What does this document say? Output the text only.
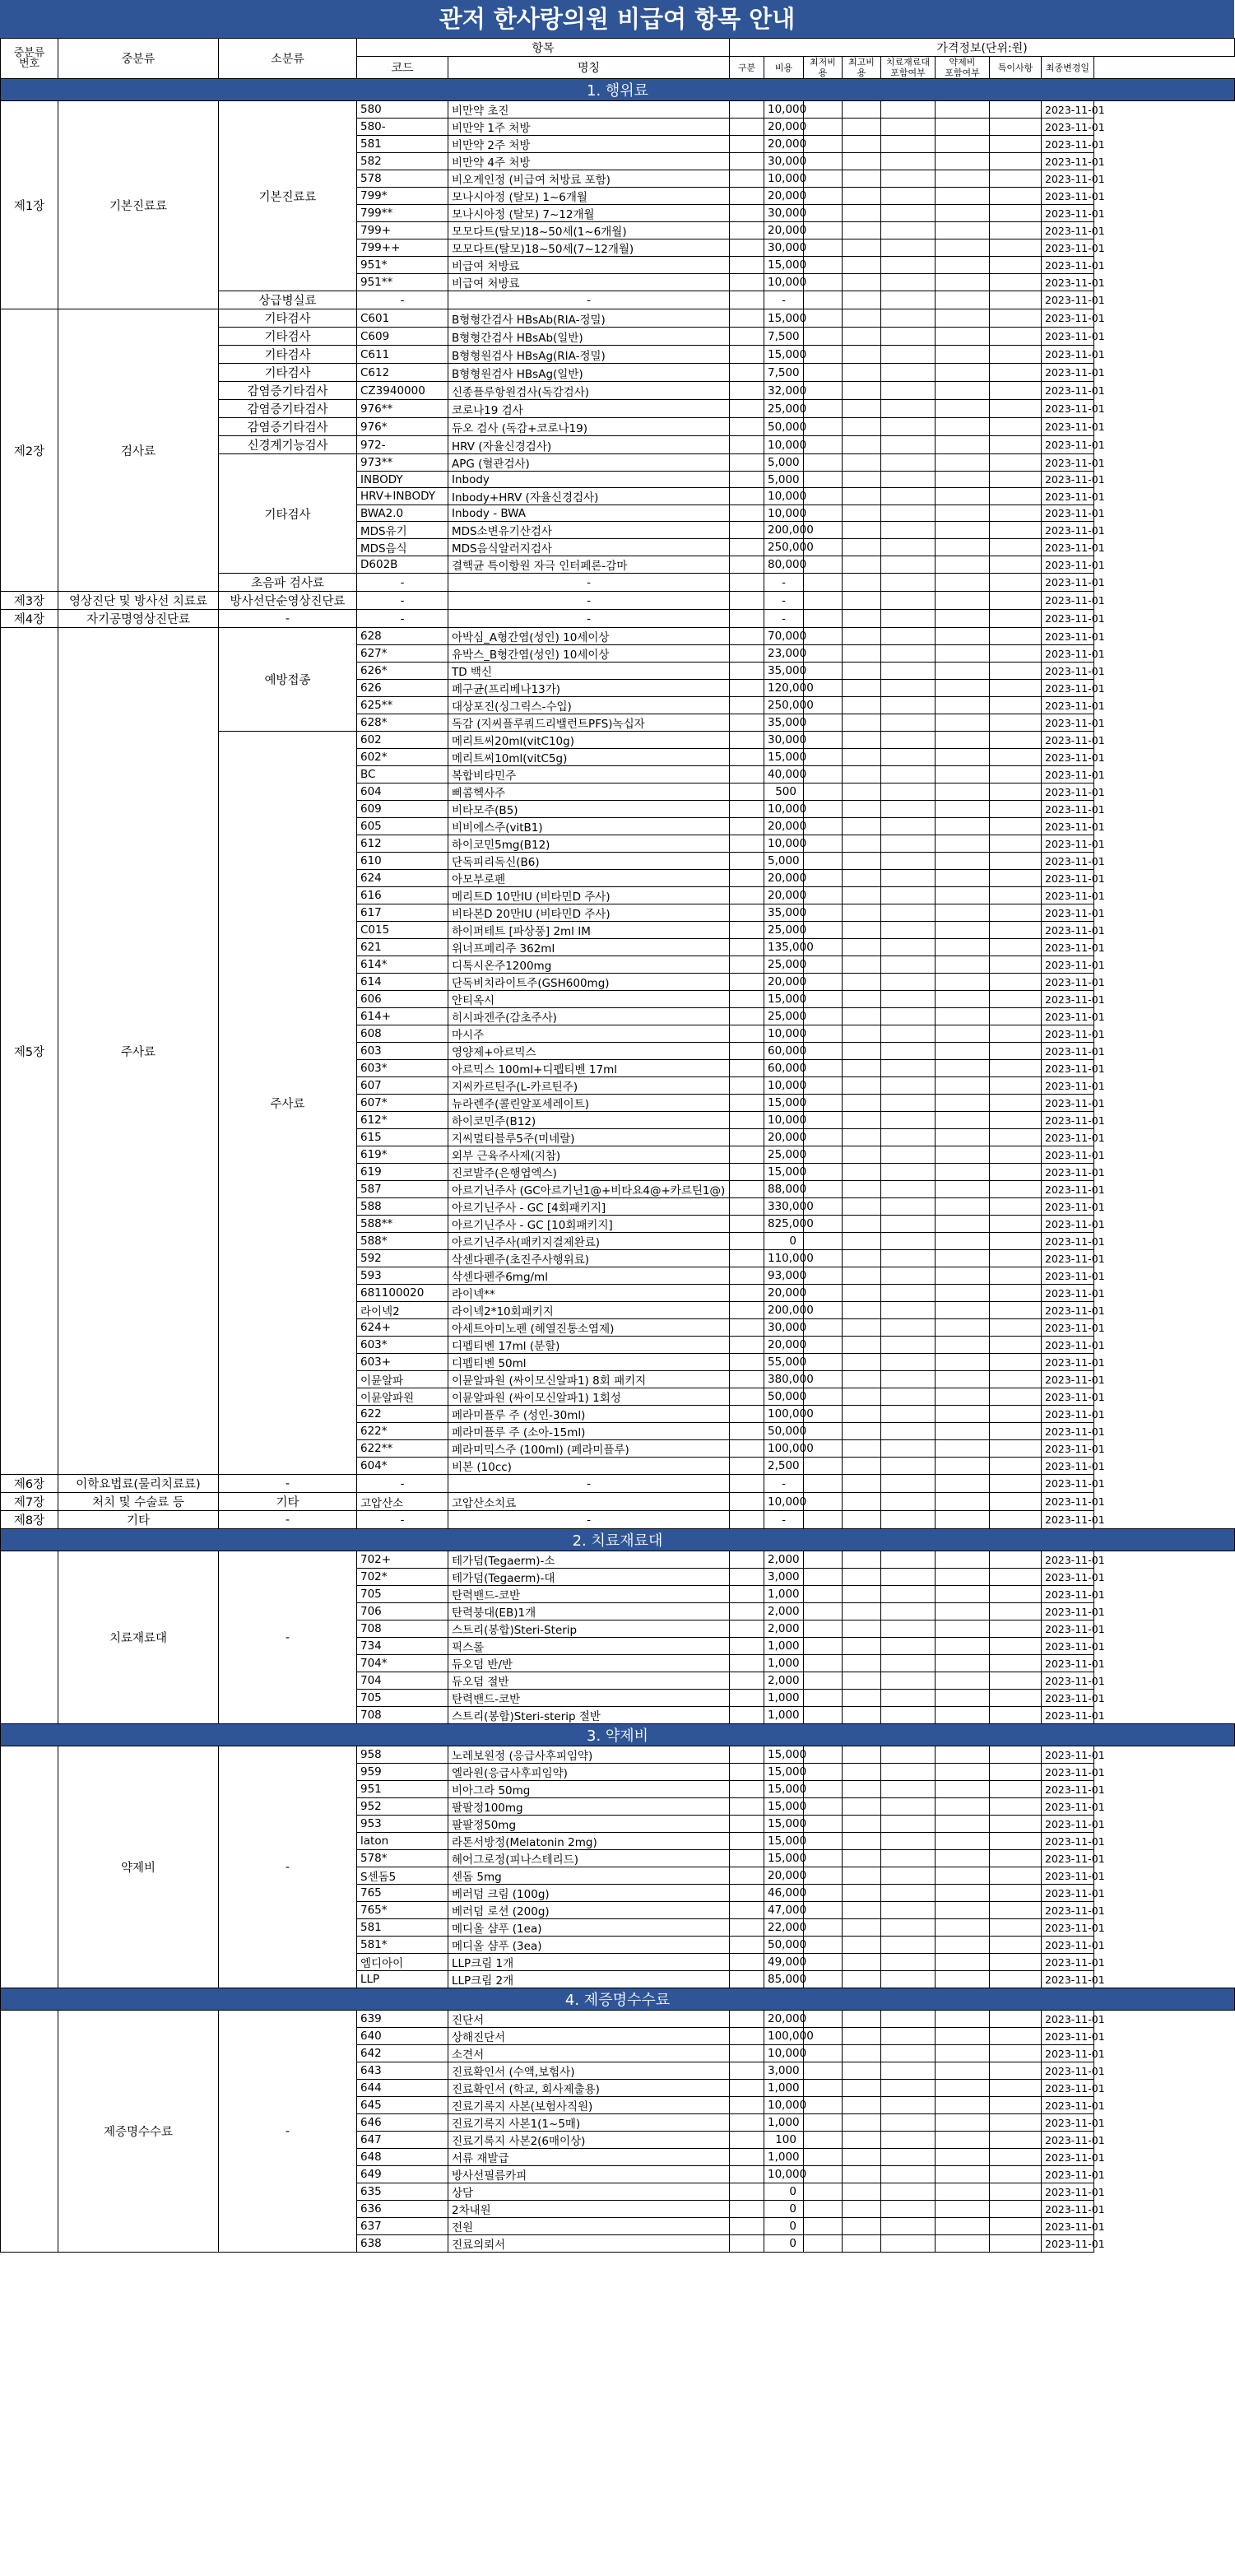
관저 한사랑의원 비급여 항목 안내
중분류
번호	중분류	소분류	항목		가격정보(단위:원)							
			코드	명칭	구분	비용	최저비용	최고비용	치료재료대
포함여부	약제비
포함여부	특이사항	최종변경일
1. 행위료												
제1장	기본진료료	기본진료료	580	비만약 초진		10,000						2023-11-01
			580-	비만약 1주 처방		20,000						2023-11-01
			581	비만약 2주 처방		20,000						2023-11-01
			582	비만약 4주 처방		30,000						2023-11-01
			578	비오게인정 (비급여 처방료 포함)		10,000						2023-11-01
			799*	모나시아정 (탈모) 1~6개월		20,000						2023-11-01
			799**	모나시아정 (탈모) 7~12개월		30,000						2023-11-01
			799+	모모다트(탈모)18~50세(1~6개월)		20,000						2023-11-01
			799++	모모다트(탈모)18~50세(7~12개월)		30,000						2023-11-01
			951*	비급여 처방료		15,000						2023-11-01
			951**	비급여 처방료		10,000						2023-11-01
		상급병실료	-	-		-						2023-11-01
제2장	검사료	기타검사	C601	B형형간검사 HBsAb(RIA-정밀)		15,000						2023-11-01
		기타검사	C609	B형형간검사 HBsAb(일반)		7,500						2023-11-01
		기타검사	C611	B형형원검사 HBsAg(RIA-정밀)		15,000						2023-11-01
		기타검사	C612	B형형원검사 HBsAg(일반)		7,500						2023-11-01
		감염증기타검사	CZ3940000	신종플루항원검사(독감검사)		32,000						2023-11-01
		감염증기타검사	976**	코로나19 검사		25,000						2023-11-01
		감염증기타검사	976*	듀오 검사 (독감+코로나19)		50,000						2023-11-01
		신경계기능검사	972-	HRV (자율신경검사)		10,000						2023-11-01
		기타검사	973**	APG (혈관검사)		5,000						2023-11-01
			INBODY	Inbody		5,000						2023-11-01
			HRV+INBODY	Inbody+HRV (자율신경검사)		10,000						2023-11-01
			BWA2.0	Inbody - BWA		10,000						2023-11-01
			MDS유기	MDS소변유기산검사		200,000						2023-11-01
			MDS음식	MDS음식알러지검사		250,000						2023-11-01
			D602B	결핵균 특이항원 자극 인터페론-감마		80,000						2023-11-01
		초음파 검사료	-	-		-						2023-11-01
제3장	영상진단 및 방사선 치료료	방사선단순영상진단료	-	-		-						2023-11-01
제4장	자기공명영상진단료	-	-	-		-						2023-11-01
제5장	주사료	예방접종	628	아박심_A형간염(성인) 10세이상		70,000						2023-11-01
			627*	유박스_B형간염(성인) 10세이상		23,000						2023-11-01
			626*	TD 백신		35,000						2023-11-01
			626	페구균(프리베나13가)		120,000						2023-11-01
			625**	대상포진(싱그릭스-수입)		250,000						2023-11-01
			628*	독감 (지씨플루쿼드리밸런트PFS)녹십자		35,000						2023-11-01
		주사료	602	메리트씨20ml(vitC10g)		30,000						2023-11-01
			602*	메리트씨10ml(vitC5g)		15,000						2023-11-01
			BC	복합비타민주		40,000						2023-11-01
			604	삐콤헥사주		500						2023-11-01
			609	비타모주(B5)		10,000						2023-11-01
			605	비비에스주(vitB1)		20,000						2023-11-01
			612	하이코민5mg(B12)		10,000						2023-11-01
			610	단독피리독신(B6)		5,000						2023-11-01
			624	아모부로펜		20,000						2023-11-01
			616	메리트D 10만IU (비타민D 주사)		20,000						2023-11-01
			617	비타본D 20만IU (비타민D 주사)		35,000						2023-11-01
			C015	하이퍼테트 [파상풍] 2ml IM		25,000						2023-11-01
			621	위너프페리주 362ml		135,000						2023-11-01
			614*	디톡시온주1200mg		25,000						2023-11-01
			614	단독비치라이트주(GSH600mg)		20,000						2023-11-01
			606	안티옥시		15,000						2023-11-01
			614+	히시파겐주(감초주사)		25,000						2023-11-01
			608	마시주		10,000						2023-11-01
			603	영양제+아르믹스		60,000						2023-11-01
			603*	아르믹스 100ml+디펩티벤 17ml		60,000						2023-11-01
			607	지씨카르틴주(L-카르틴주)		10,000						2023-11-01
			607*	뉴라렌주(콜린알포세레이트)		15,000						2023-11-01
			612*	하이코민주(B12)		10,000						2023-11-01
			615	지씨멀티블루5주(미네랄)		20,000						2023-11-01
			619*	외부 근육주사제(지참)		25,000						2023-11-01
			619	진코발주(은행엽엑스)		15,000						2023-11-01
			587	아르기닌주사 (GC아르기닌1@+비타요4@+카르틴1@)		88,000						2023-11-01
			588	아르기닌주사 - GC [4회패키지]		330,000						2023-11-01
			588**	아르기닌주사 - GC [10회패키지]		825,000						2023-11-01
			588*	아르기닌주사(패키지결제완료)		0						2023-11-01
			592	삭센다펜주(초진주사행위료)		110,000						2023-11-01
			593	삭센다펜주6mg/ml		93,000						2023-11-01
			681100020	라이넥**		20,000						2023-11-01
			라이넥2	라이넥2*10회패키지		200,000						2023-11-01
			624+	아세트아미노펜 (헤열진통소염제)		30,000						2023-11-01
			603*	디펩티벤 17ml (분할)		20,000						2023-11-01
			603+	디펩티벤 50ml		55,000						2023-11-01
			이뮨알파	이뮨알파원 (싸이모신알파1) 8회 패키지		380,000						2023-11-01
			이뮨알파원	이뮨알파원 (싸이모신알파1) 1회성		50,000						2023-11-01
			622	페라미플루 주 (성인-30ml)		100,000						2023-11-01
			622*	페라미플루 주 (소아-15ml)		50,000						2023-11-01
			622**	페라미믹스주 (100ml) (페라미플루)		100,000						2023-11-01
			604*	비본 (10cc)		2,500						2023-11-01
제6장	이학요법료(물리치료료)	-	-	-		-						2023-11-01
제7장	처치 및 수술료 등	기타	고압산소	고압산소치료		10,000						2023-11-01
제8장	기타	-	-	-		-						2023-11-01
2. 치료재료대												
	치료재료대	-	702+	테가덤(Tegaerm)-소		2,000						2023-11-01
			702*	테가덤(Tegaerm)-대		3,000						2023-11-01
			705	탄력밴드-코반		1,000						2023-11-01
			706	탄력붕대(EB)1개		2,000						2023-11-01
			708	스트리(봉합)Steri-Sterip		2,000						2023-11-01
			734	픽스롤		1,000						2023-11-01
			704*	듀오덤 반/반		1,000						2023-11-01
			704	듀오덤 절반		2,000						2023-11-01
			705	탄력밴드-코반		1,000						2023-11-01
			708	스트리(봉합)Steri-sterip 절반		1,000						2023-11-01
3. 약제비												
	약제비	-	958	노레보원정 (응급사후피임약)		15,000						2023-11-01
			959	엘라원(응급사후피임약)		15,000						2023-11-01
			951	비아그라 50mg		15,000						2023-11-01
			952	팔팔정100mg		15,000						2023-11-01
			953	팔팔정50mg		15,000						2023-11-01
			laton	라톤서방정(Melatonin 2mg)		15,000						2023-11-01
			578*	헤어그로정(피나스테리드)		15,000						2023-11-01
			S센돔5	센돔 5mg		20,000						2023-11-01
			765	베러덤 크림 (100g)		46,000						2023-11-01
			765*	베러덤 로션 (200g)		47,000						2023-11-01
			581	메디올 샴푸 (1ea)		22,000						2023-11-01
			581*	메디올 샴푸 (3ea)		50,000						2023-11-01
			엠디아이	LLP크림 1개		49,000						2023-11-01
			LLP	LLP크림 2개		85,000						2023-11-01
4. 제증명수수료												
	제증명수수료	-	639	진단서		20,000						2023-11-01
			640	상해진단서		100,000						2023-11-01
			642	소견서		10,000						2023-11-01
			643	진료확인서 (수액,보험사)		3,000						2023-11-01
			644	진료확인서 (학교, 회사제출용)		1,000						2023-11-01
			645	진료기록지 사본(보험사직원)		10,000						2023-11-01
			646	진료기록지 사본1(1~5매)		1,000						2023-11-01
			647	진료기록지 사본2(6매이상)		100						2023-11-01
			648	서류 재발급		1,000						2023-11-01
			649	방사선필름카피		10,000						2023-11-01
			635	상담		0						2023-11-01
			636	2차내원		0						2023-11-01
			637	전원		0						2023-11-01
			638	진료의뢰서		0						2023-11-01
